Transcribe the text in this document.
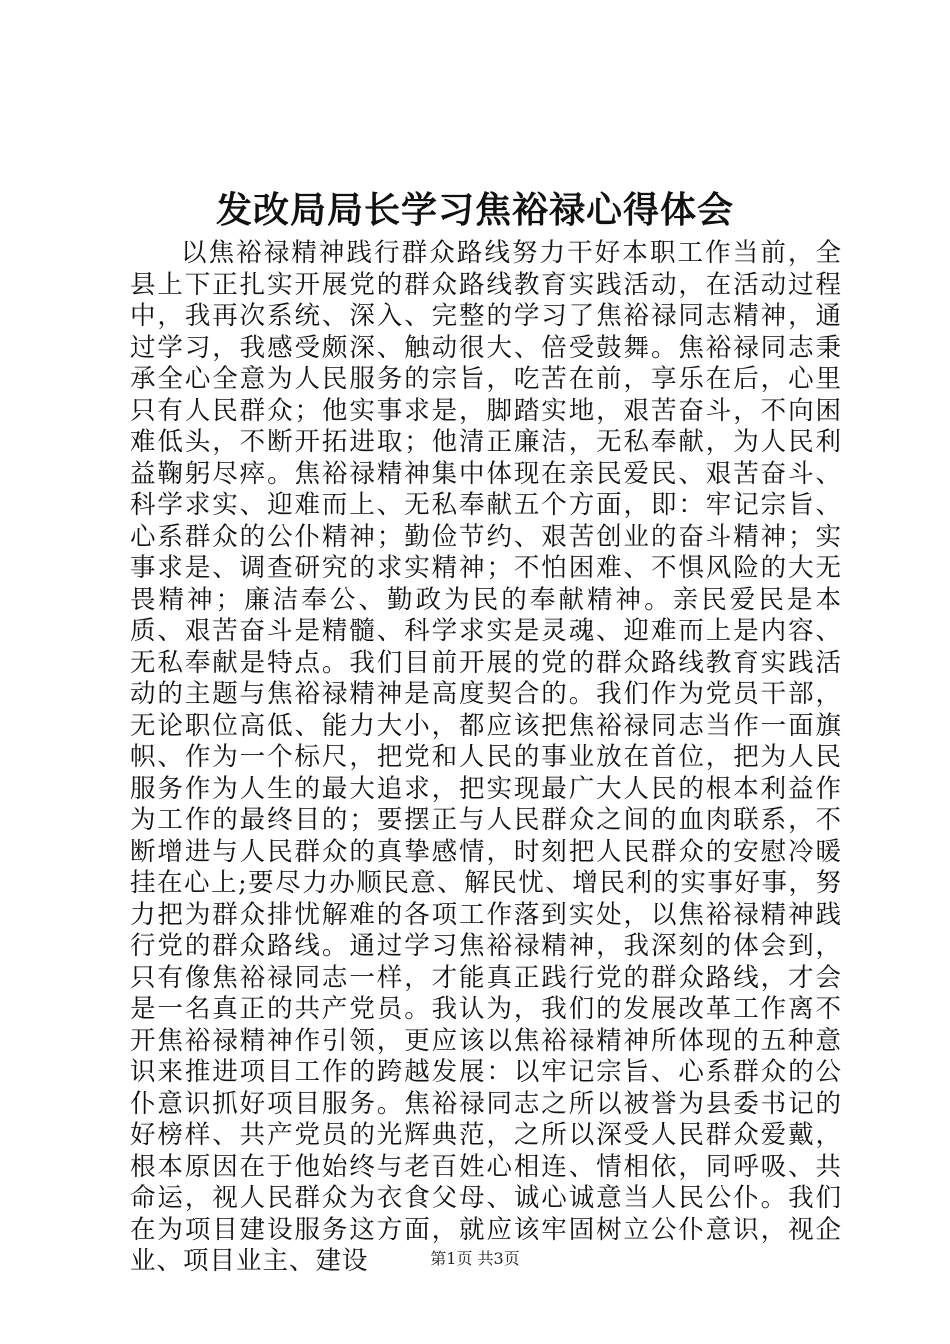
发改局局长学习焦裕禄心得体会

以焦裕禄精神践行群众路线努力干好本职工作当前，全县上下正扎实开展党的群众路线教育实践活动，在活动过程中，我再次系统、深入、完整的学习了焦裕禄同志精神，通过学习，我感受颇深、触动很大、倍受鼓舞。焦裕禄同志秉承全心全意为人民服务的宗旨，吃苦在前，享乐在后，心里只有人民群众；他实事求是，脚踏实地，艰苦奋斗，不向困难低头，不断开拓进取；他清正廉洁，无私奉献，为人民利益鞠躬尽瘁。焦裕禄精神集中体现在亲民爱民、艰苦奋斗、科学求实、迎难而上、无私奉献五个方面，即：牢记宗旨、心系群众的公仆精神；勤俭节约、艰苦创业的奋斗精神；实事求是、调查研究的求实精神；不怕困难、不惧风险的大无畏精神；廉洁奉公、勤政为民的奉献精神。亲民爱民是本质、艰苦奋斗是精髓、科学求实是灵魂、迎难而上是内容、无私奉献是特点。我们目前开展的党的群众路线教育实践活动的主题与焦裕禄精神是高度契合的。我们作为党员干部，无论职位高低、能力大小，都应该把焦裕禄同志当作一面旗帜、作为一个标尺，把党和人民的事业放在首位，把为人民服务作为人生的最大追求，把实现最广大人民的根本利益作为工作的最终目的；要摆正与人民群众之间的血肉联系，不断增进与人民群众的真挚感情，时刻把人民群众的安慰冷暖挂在心上;要尽力办顺民意、解民忧、增民利的实事好事，努力把为群众排忧解难的各项工作落到实处，以焦裕禄精神践行党的群众路线。通过学习焦裕禄精神，我深刻的体会到，只有像焦裕禄同志一样，才能真正践行党的群众路线，才会是一名真正的共产党员。我认为，我们的发展改革工作离不开焦裕禄精神作引领，更应该以焦裕禄精神所体现的五种意识来推进项目工作的跨越发展：以牢记宗旨、心系群众的公仆意识抓好项目服务。焦裕禄同志之所以被誉为县委书记的好榜样、共产党员的光辉典范，之所以深受人民群众爱戴，根本原因在于他始终与老百姓心相连、情相依，同呼吸、共命运，视人民群众为衣食父母、诚心诚意当人民公仆。我们在为项目建设服务这方面，就应该牢固树立公仆意识，视企业、项目业主、建设	第1页 共3页
